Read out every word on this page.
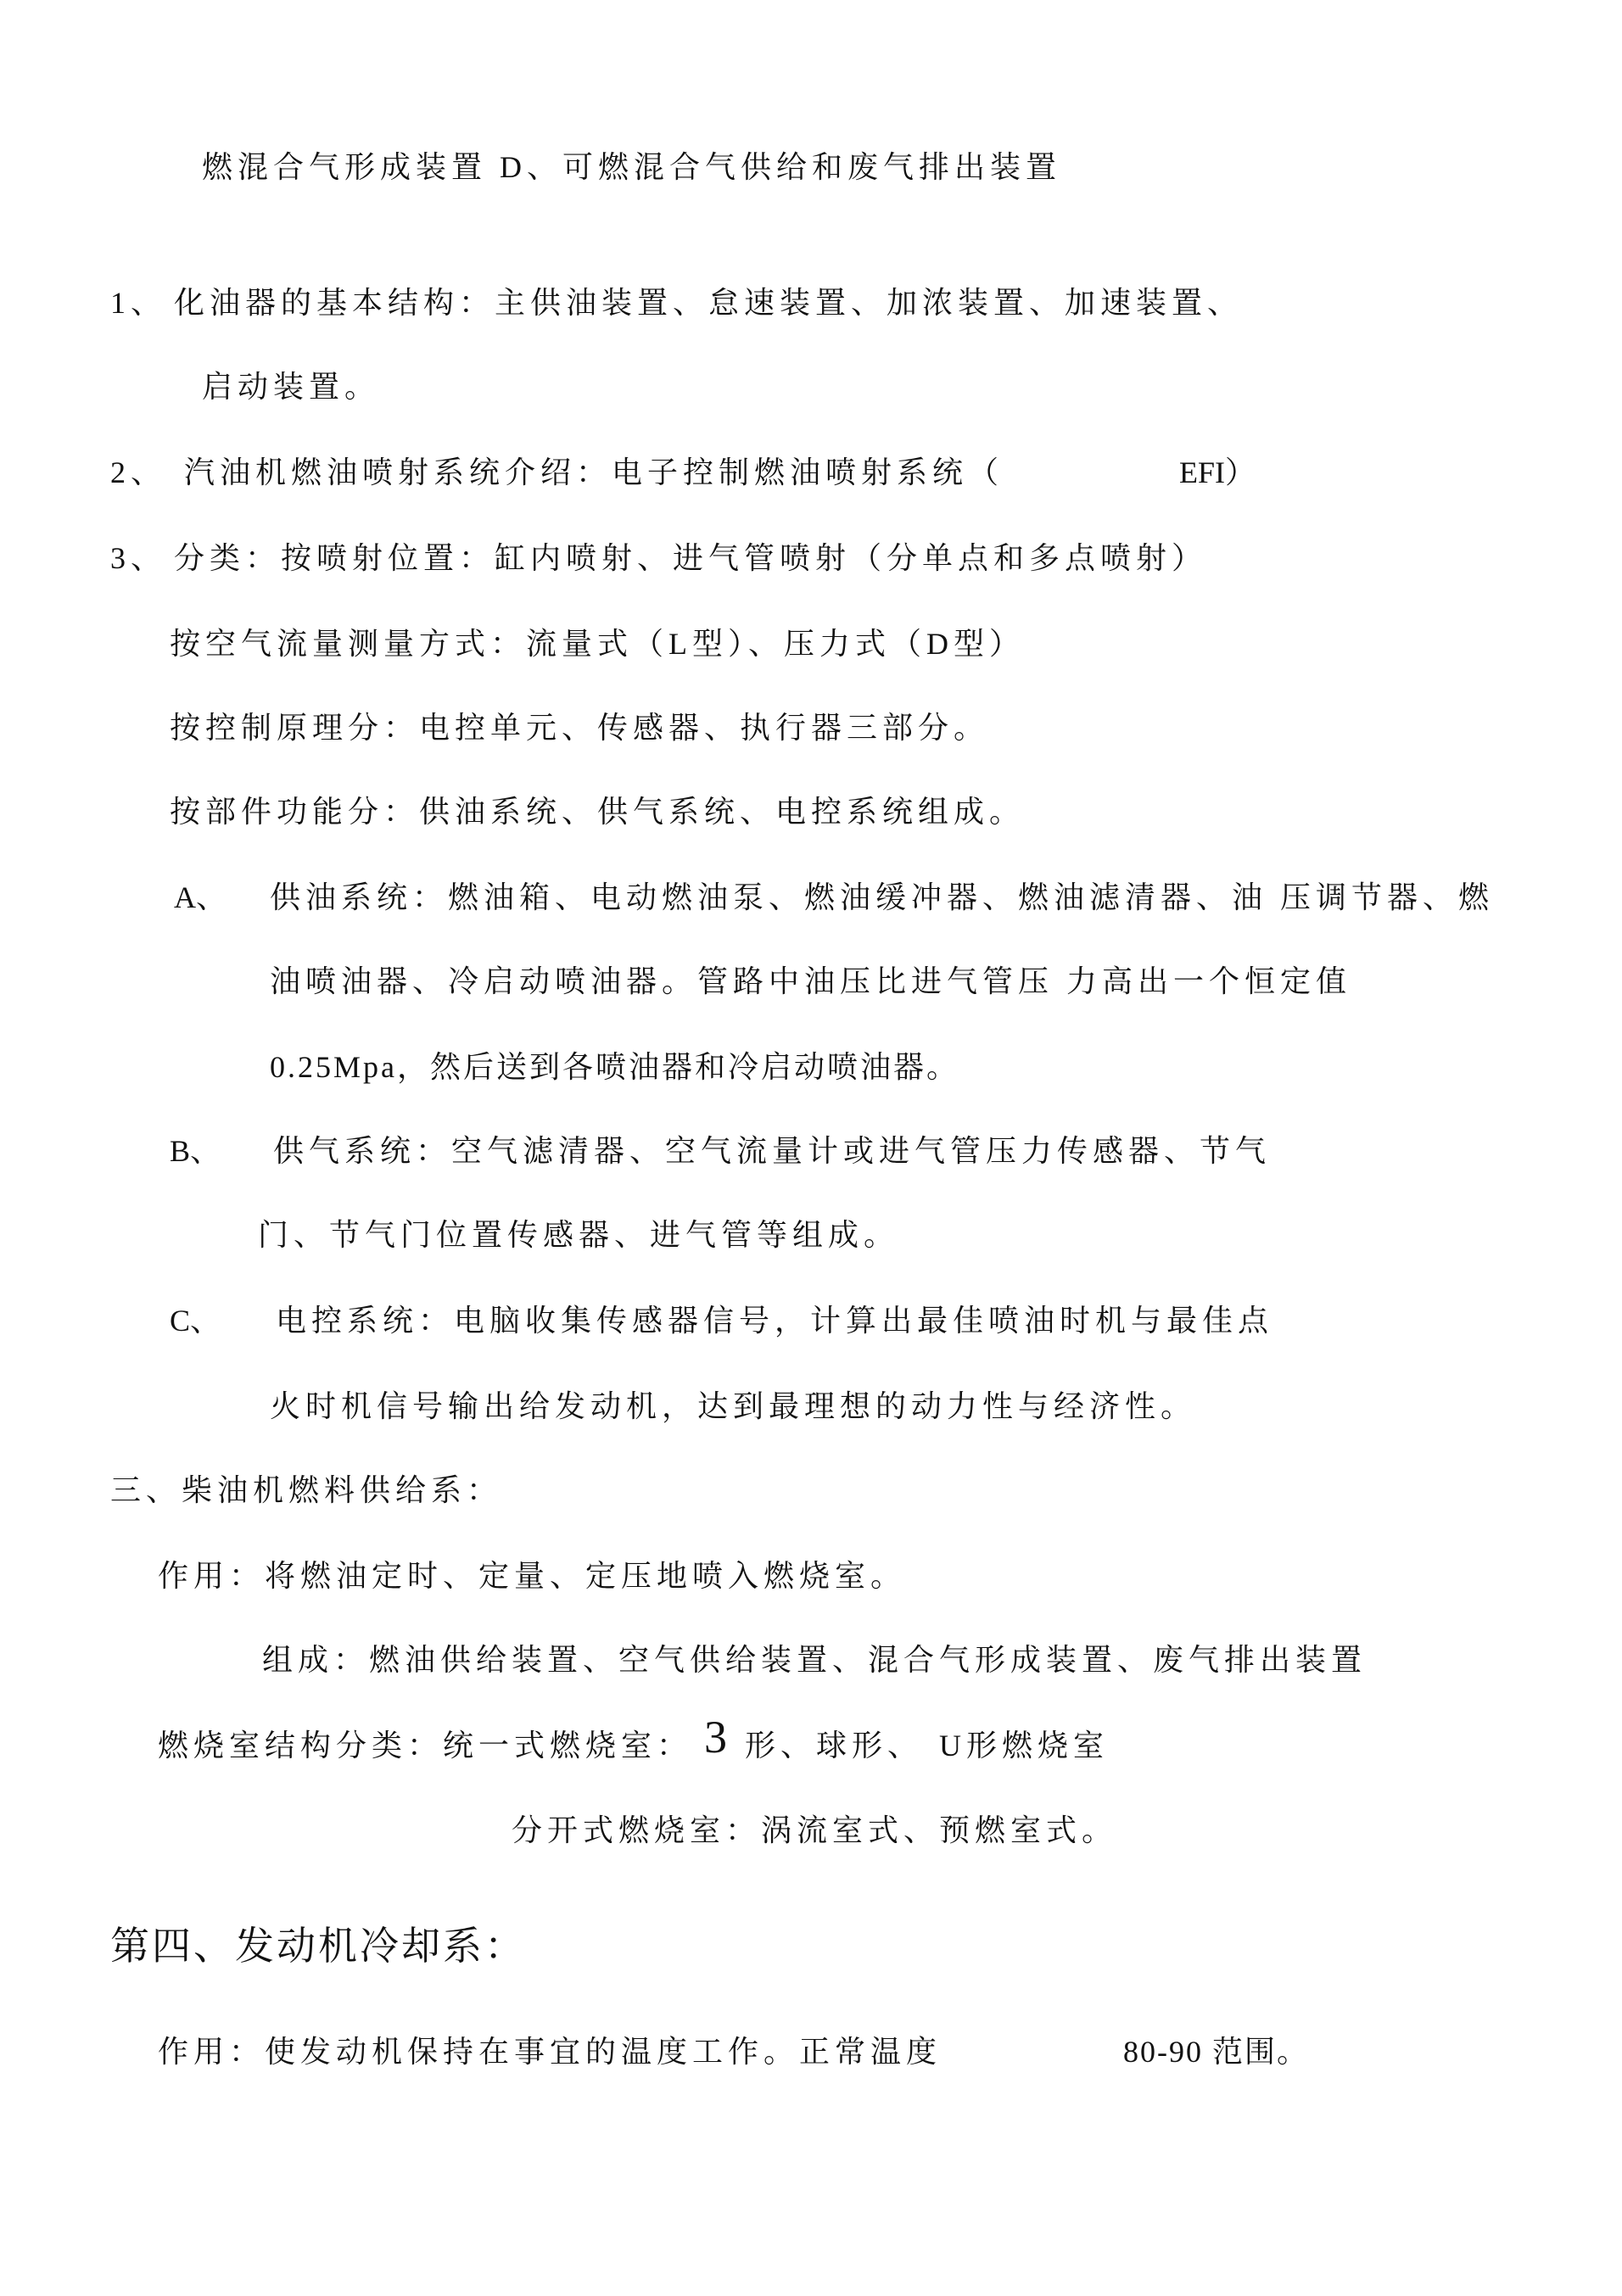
燃混合气形成装置 D、可燃混合气供给和废气排出装置
1、 化油器的基本结构：主供油装置、怠速装置、加浓装置、加速装置、
启动装置。
2、 汽油机燃油喷射系统介绍：电子控制燃油喷射系统（	EFI）
3、 分类：按喷射位置：缸内喷射、进气管喷射（分单点和多点喷射）
按空气流量测量方式：流量式（L型）、压力式（D型）
按控制原理分：电控单元、传感器、执行器三部分。
按部件功能分：供油系统、供气系统、电控系统组成。
A、 供油系统：燃油箱、电动燃油泵、燃油缓冲器、燃油滤清器、油 压调节器、燃
油喷油器、冷启动喷油器。管路中油压比进气管压 力高出一个恒定值
0.25Mpa，然后送到各喷油器和冷启动喷油器。
B、 供气系统：空气滤清器、空气流量计或进气管压力传感器、节气
门、节气门位置传感器、进气管等组成。
C、 电控系统：电脑收集传感器信号，计算出最佳喷油时机与最佳点
火时机信号输出给发动机，达到最理想的动力性与经济性。
三、柴油机燃料供给系：
作用：将燃油定时、定量、定压地喷入燃烧室。
组成：燃油供给装置、空气供给装置、混合气形成装置、废气排出装置
燃烧室结构分类：统一式燃烧室： 3 形、球形、 U形燃烧室
分开式燃烧室：涡流室式、预燃室式。
第四、发动机冷却系：
作用：使发动机保持在事宜的温度工作。正常温度	80-90 范围。
